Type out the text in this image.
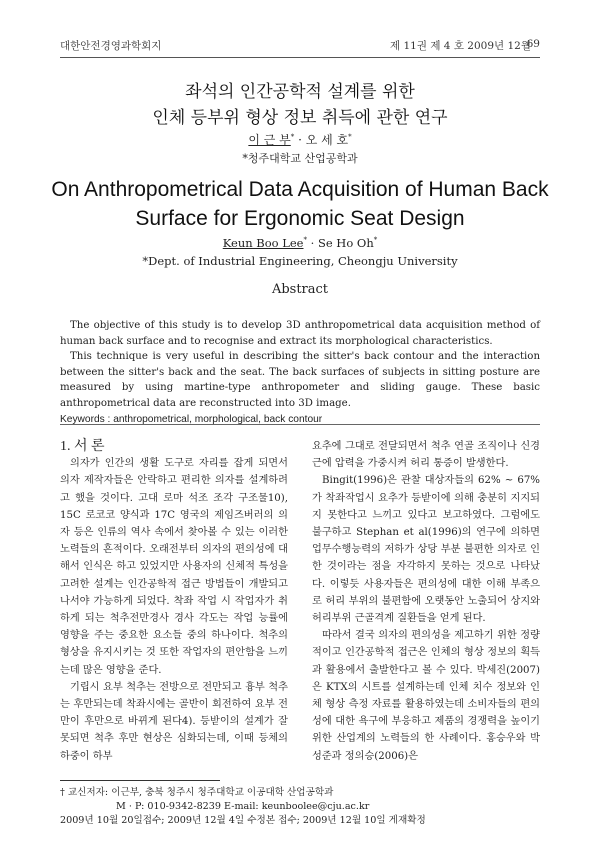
대한안전경영과학회지	제 11권 제 4 호 2009년 12월
69
좌석의 인간공학적 설계를 위한
인체 등부위 형상 정보 취득에 관한 연구
이 근 부* · 오 세 호*
*청주대학교 산업공학과
On Anthropometrical Data Acquisition of Human Back
Surface for Ergonomic Seat Design
Keun Boo Lee* · Se Ho Oh*
*Dept. of Industrial Engineering, Cheongju University
Abstract

The objective of this study is to develop 3D anthropometrical data acquisition method of human back surface and to recognise and extract its morphological characteristics.

This technique is very useful in describing the sitter's back contour and the interaction between the sitter's back and the seat. The back surfaces of subjects in sitting posture are measured by using martine-type anthropometer and sliding gauge. These basic anthropometrical data are reconstructed into 3D image.

Keywords : anthropometrical, morphological, back contour

1. 서 론

의자가 인간의 생활 도구로 자리를 잡게 되면서 의자 제작자들은 안락하고 편리한 의자를 설계하려고 했을 것이다. 고대 로마 석조 조각 구조물10), 15C 로코코 양식과 17C 영국의 제임즈버러의 의자 등은 인류의 역사 속에서 찾아볼 수 있는 이러한 노력들의 흔적이다. 오래전부터 의자의 편의성에 대해서 인식은 하고 있었지만 사용자의 신체적 특성을 고려한 설계는 인간공학적 접근 방법들이 개발되고 나서야 가능하게 되었다. 착좌 작업 시 작업자가 취하게 되는 척추전만경사 경사 각도는 작업 능률에 영향을 주는 중요한 요소들 중의 하나이다. 척추의 형상을 유지시키는 것 또한 작업자의 편안함을 느끼는데 많은 영향을 준다.

기립시 요부 척추는 전방으로 전만되고 흉부 척추는 후만되는데 착좌시에는 골반이 회전하여 요부 전만이 후만으로 바뀌게 된다4). 등받이의 설계가 잘못되면 척추 후만 현상은 심화되는데, 이때 등체의 하중이 하부

요추에 그대로 전달되면서 척추 연골 조직이나 신경근에 압력을 가중시켜 허리 통증이 발생한다.

Bingit(1996)은 관찰 대상자들의 62% ~ 67%가 착좌작업시 요추가 등받이에 의해 충분히 지지되지 못한다고 느끼고 있다고 보고하였다. 그럼에도 불구하고 Stephan et al(1996)의 연구에 의하면 업무수행능력의 저하가 상당 부분 불편한 의자로 인한 것이라는 점을 자각하지 못하는 것으로 나타났다. 이렇듯 사용자들은 편의성에 대한 이해 부족으로 허리 부위의 불편함에 오랫동안 노출되어 상지와 허리부위 근골격계 질환들을 얻게 된다.

따라서 결국 의자의 편의성을 제고하기 위한 정량적이고 인간공학적 접근은 인체의 형상 정보의 획득과 활용에서 출발한다고 볼 수 있다. 박세진(2007)은 KTX의 시트를 설계하는데 인체 치수 정보와 인체 형상 측정 자료를 활용하였는데 소비자들의 편의성에 대한 욕구에 부응하고 제품의 경쟁력을 높이기 위한 산업계의 노력들의 한 사례이다. 홍승우와 박성준과 정의승(2006)은

† 교신저자: 이근부, 충북 청주시 청주대학교 이공대학 산업공학과

M · P: 010-9342-8239 E-mail: keunboolee@cju.ac.kr

2009년 10월 20일접수; 2009년 12월 4일 수정본 접수; 2009년 12월 10일 게재확정
